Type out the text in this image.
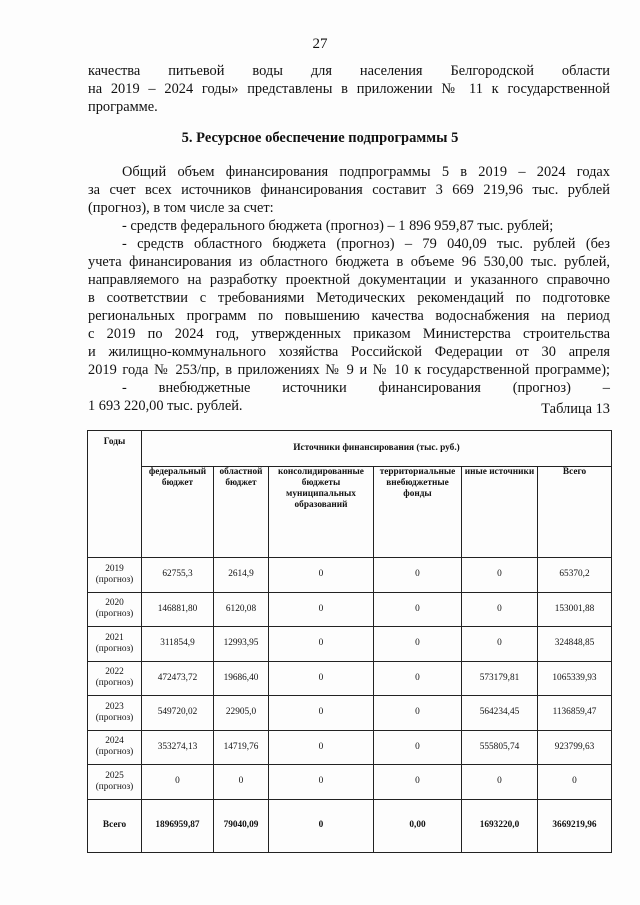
27
качества питьевой воды для населения Белгородской области
на 2019 – 2024 годы» представлены в приложении № 11 к государственной
программе.
5. Ресурсное обеспечение подпрограммы 5
Общий объем финансирования подпрограммы 5 в 2019 – 2024 годах
за счет всех источников финансирования составит 3 669 219,96 тыс. рублей
(прогноз), в том числе за счет:
- средств федерального бюджета (прогноз) – 1 896 959,87 тыс. рублей;
- средств областного бюджета (прогноз) – 79 040,09 тыс. рублей (без
учета финансирования из областного бюджета в объеме 96 530,00 тыс. рублей,
направляемого на разработку проектной документации и указанного справочно
в соответствии с требованиями Методических рекомендаций по подготовке
региональных программ по повышению качества водоснабжения на период
с 2019 по 2024 год, утвержденных приказом Министерства строительства
и жилищно-коммунального хозяйства Российской Федерации от 30 апреля
2019 года № 253/пр, в приложениях № 9 и № 10 к государственной программе);
- внебюджетные источники финансирования (прогноз) –
1 693 220,00 тыс. рублей.	Таблица 13
Годы	Источники финансирования (тыс. руб.)					
	федеральный бюджет	областной бюджет	консолидированные бюджеты муниципальных образований	территориальные внебюджетные фонды	иные источники	Всего
2019
(прогноз)	62755,3	2614,9	0	0	0	65370,2
2020
(прогноз)	146881,80	6120,08	0	0	0	153001,88
2021
(прогноз)	311854,9	12993,95	0	0	0	324848,85
2022
(прогноз)	472473,72	19686,40	0	0	573179,81	1065339,93
2023
(прогноз)	549720,02	22905,0	0	0	564234,45	1136859,47
2024
(прогноз)	353274,13	14719,76	0	0	555805,74	923799,63
2025
(прогноз)	0	0	0	0	0	0
Всего	1896959,87	79040,09	0	0,00	1693220,0	3669219,96
